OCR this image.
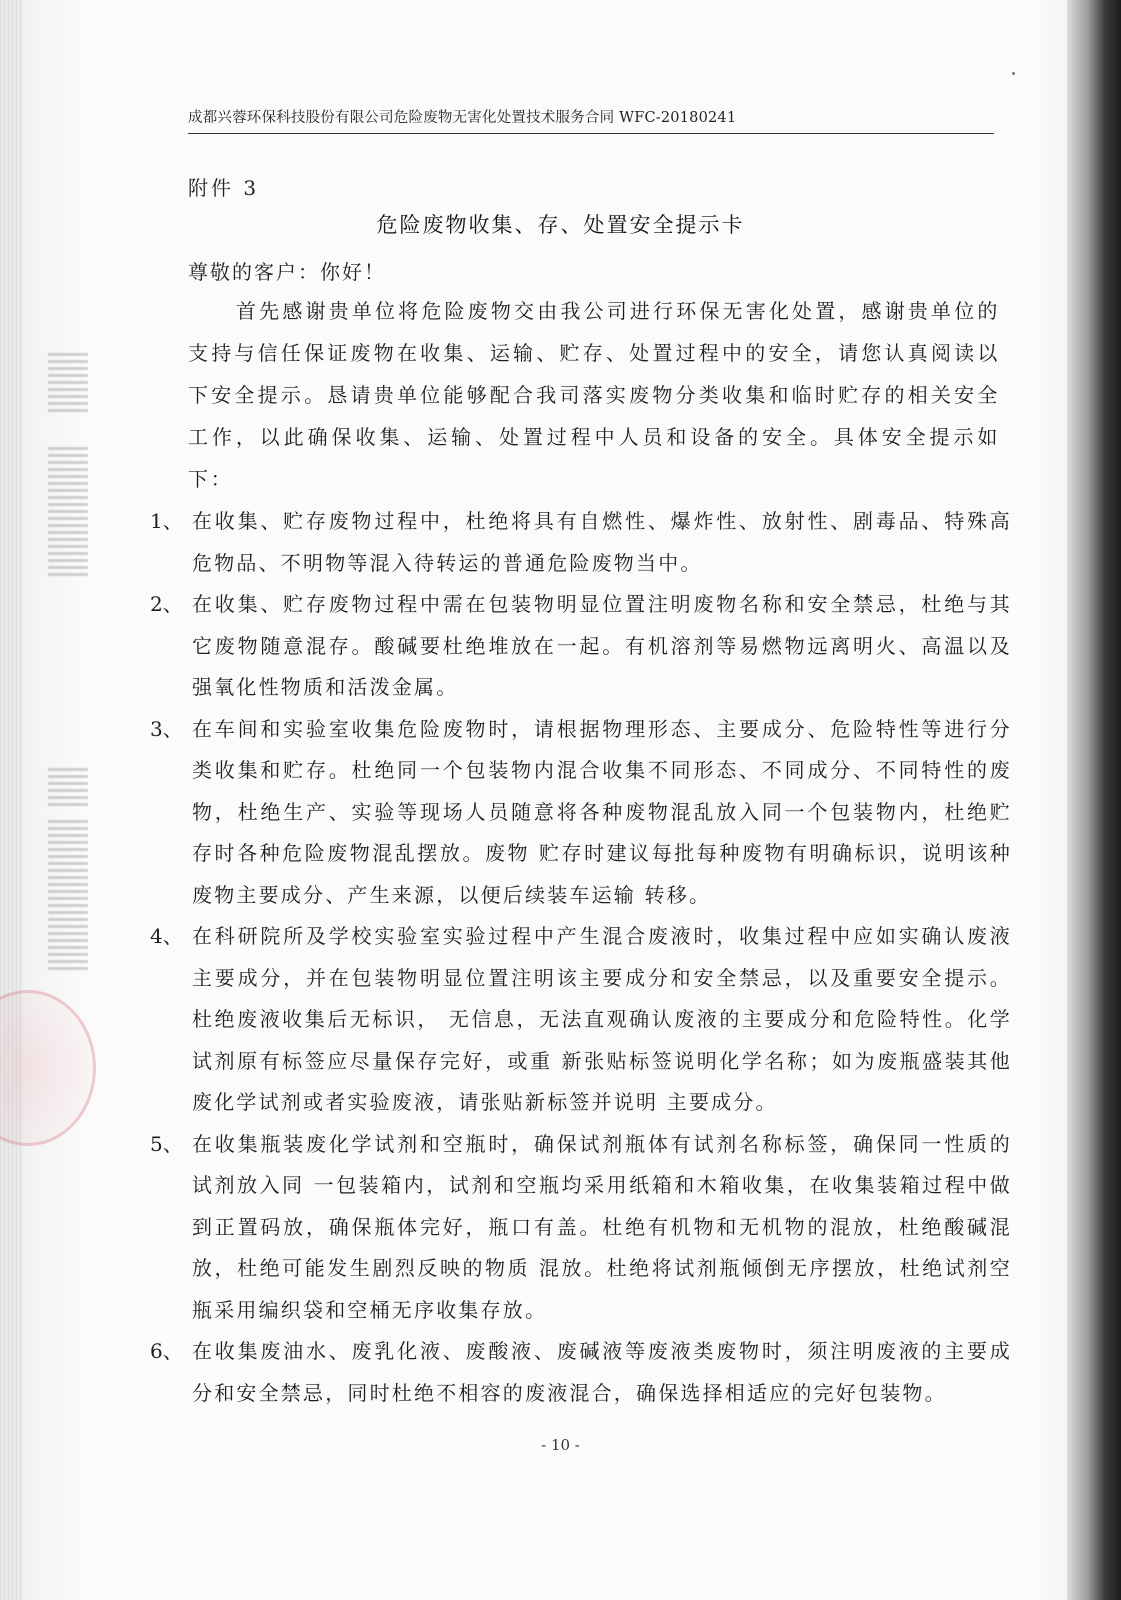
成都兴蓉环保科技股份有限公司危险废物无害化处置技术服务合同 WFC-20180241
附件 3
危险废物收集、存、处置安全提示卡
尊敬的客户：你好！
首先感谢贵单位将危险废物交由我公司进行环保无害化处置，感谢贵单位的支持与信任保证废物在收集、运输、贮存、处置过程中的安全，请您认真阅读以下安全提示。恳请贵单位能够配合我司落实废物分类收集和临时贮存的相关安全工作，以此确保收集、运输、处置过程中人员和设备的安全。具体安全提示如下：
1、 在收集、贮存废物过程中，杜绝将具有自燃性、爆炸性、放射性、剧毒品、特殊高危物品、不明物等混入待转运的普通危险废物当中。
2、 在收集、贮存废物过程中需在包装物明显位置注明废物名称和安全禁忌，杜绝与其它废物随意混存。酸碱要杜绝堆放在一起。有机溶剂等易燃物远离明火、高温以及强氧化性物质和活泼金属。
3、 在车间和实验室收集危险废物时，请根据物理形态、主要成分、危险特性等进行分类收集和贮存。杜绝同一个包装物内混合收集不同形态、不同成分、不同特性的废物，杜绝生产、实验等现场人员随意将各种废物混乱放入同一个包装物内，杜绝贮存时各种危险废物混乱摆放。废物 贮存时建议每批每种废物有明确标识，说明该种废物主要成分、产生来源，以便后续装车运输 转移。
4、 在科研院所及学校实验室实验过程中产生混合废液时，收集过程中应如实确认废液主要成分，并在包装物明显位置注明该主要成分和安全禁忌，以及重要安全提示。杜绝废液收集后无标识， 无信息，无法直观确认废液的主要成分和危险特性。化学试剂原有标签应尽量保存完好，或重 新张贴标签说明化学名称；如为废瓶盛装其他废化学试剂或者实验废液，请张贴新标签并说明 主要成分。
5、 在收集瓶装废化学试剂和空瓶时，确保试剂瓶体有试剂名称标签，确保同一性质的试剂放入同 一包装箱内，试剂和空瓶均采用纸箱和木箱收集，在收集装箱过程中做到正置码放，确保瓶体完好，瓶口有盖。杜绝有机物和无机物的混放，杜绝酸碱混放，杜绝可能发生剧烈反映的物质 混放。杜绝将试剂瓶倾倒无序摆放，杜绝试剂空瓶采用编织袋和空桶无序收集存放。
6、 在收集废油水、废乳化液、废酸液、废碱液等废液类废物时，须注明废液的主要成分和安全禁忌，同时杜绝不相容的废液混合，确保选择相适应的完好包装物。
- 10 -
